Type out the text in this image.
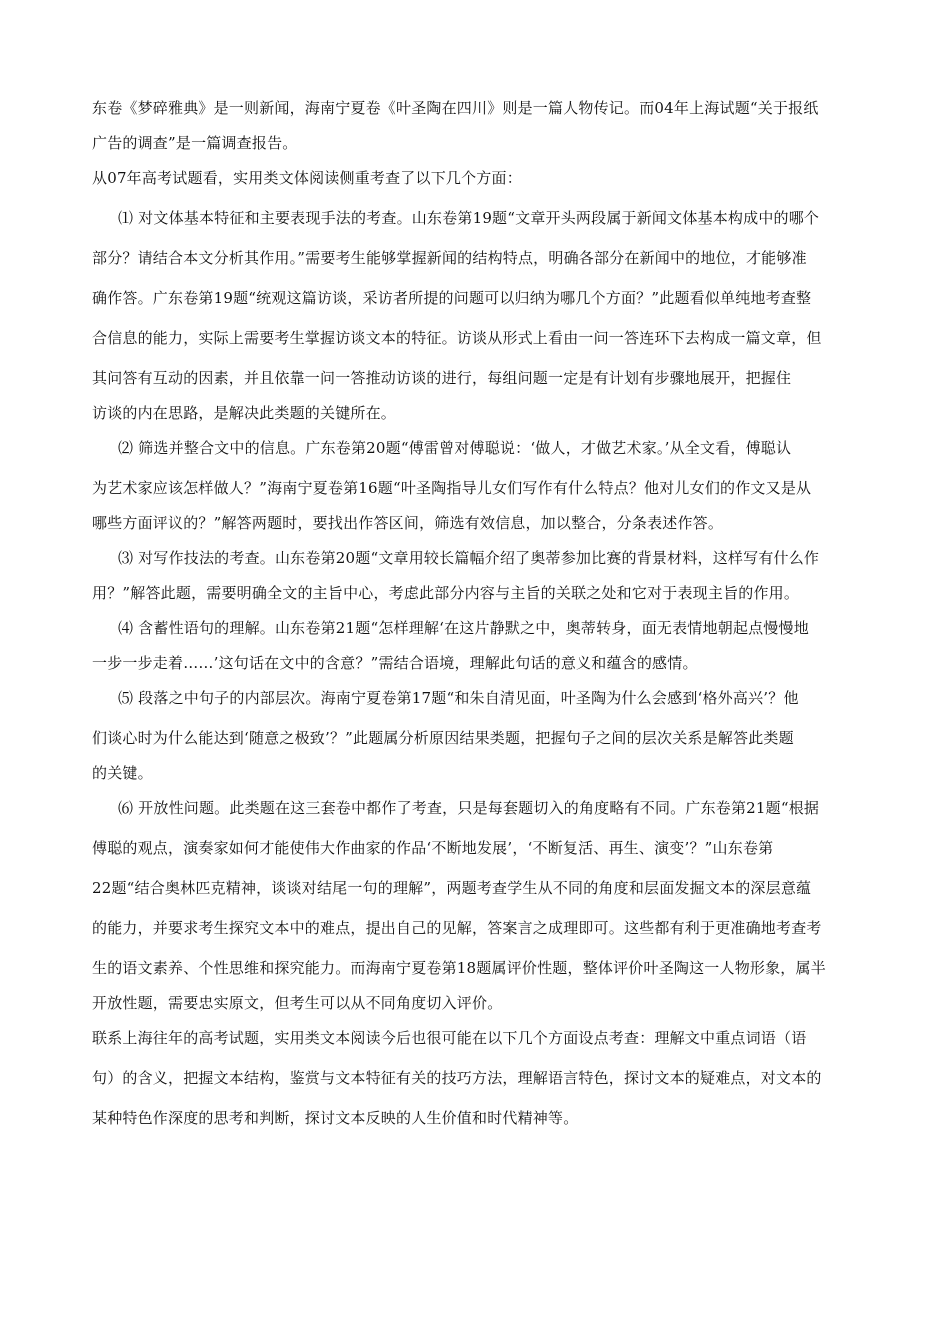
东卷《梦碎雅典》是一则新闻，海南宁夏卷《叶圣陶在四川》则是一篇人物传记。而04年上海试题“关于报纸
广告的调查”是一篇调查报告。

从07年高考试题看，实用类文体阅读侧重考查了以下几个方面：

⑴ 对文体基本特征和主要表现手法的考查。山东卷第19题“文章开头两段属于新闻文体基本构成中的哪个
部分？请结合本文分析其作用。”需要考生能够掌握新闻的结构特点，明确各部分在新闻中的地位，才能够准
确作答。广东卷第19题“统观这篇访谈，采访者所提的问题可以归纳为哪几个方面？”此题看似单纯地考查整
合信息的能力，实际上需要考生掌握访谈文本的特征。访谈从形式上看由一问一答连环下去构成一篇文章，但
其问答有互动的因素，并且依靠一问一答推动访谈的进行，每组问题一定是有计划有步骤地展开，把握住
访谈的内在思路，是解决此类题的关键所在。

⑵ 筛选并整合文中的信息。广东卷第20题“傅雷曾对傅聪说：‘做人，才做艺术家。’从全文看，傅聪认
为艺术家应该怎样做人？”海南宁夏卷第16题“叶圣陶指导儿女们写作有什么特点？他对儿女们的作文又是从
哪些方面评议的？”解答两题时，要找出作答区间，筛选有效信息，加以整合，分条表述作答。

⑶ 对写作技法的考查。山东卷第20题“文章用较长篇幅介绍了奥蒂参加比赛的背景材料，这样写有什么作
用？”解答此题，需要明确全文的主旨中心，考虑此部分内容与主旨的关联之处和它对于表现主旨的作用。

⑷ 含蓄性语句的理解。山东卷第21题“怎样理解‘在这片静默之中，奥蒂转身，面无表情地朝起点慢慢地
一步一步走着……’这句话在文中的含意？”需结合语境，理解此句话的意义和蕴含的感情。

⑸ 段落之中句子的内部层次。海南宁夏卷第17题“和朱自清见面，叶圣陶为什么会感到‘格外高兴’？他
们谈心时为什么能达到‘随意之极致’？”此题属分析原因结果类题，把握句子之间的层次关系是解答此类题
的关键。

⑹ 开放性问题。此类题在这三套卷中都作了考查，只是每套题切入的角度略有不同。广东卷第21题“根据
傅聪的观点，演奏家如何才能使伟大作曲家的作品‘不断地发展’，‘不断复活、再生、演变’？”山东卷第
22题“结合奥林匹克精神，谈谈对结尾一句的理解”，两题考查学生从不同的角度和层面发掘文本的深层意蕴
的能力，并要求考生探究文本中的难点，提出自己的见解，答案言之成理即可。这些都有利于更准确地考查考
生的语文素养、个性思维和探究能力。而海南宁夏卷第18题属评价性题，整体评价叶圣陶这一人物形象，属半
开放性题，需要忠实原文，但考生可以从不同角度切入评价。

联系上海往年的高考试题，实用类文本阅读今后也很可能在以下几个方面设点考查：理解文中重点词语（语
句）的含义，把握文本结构，鉴赏与文本特征有关的技巧方法，理解语言特色，探讨文本的疑难点，对文本的
某种特色作深度的思考和判断，探讨文本反映的人生价值和时代精神等。
